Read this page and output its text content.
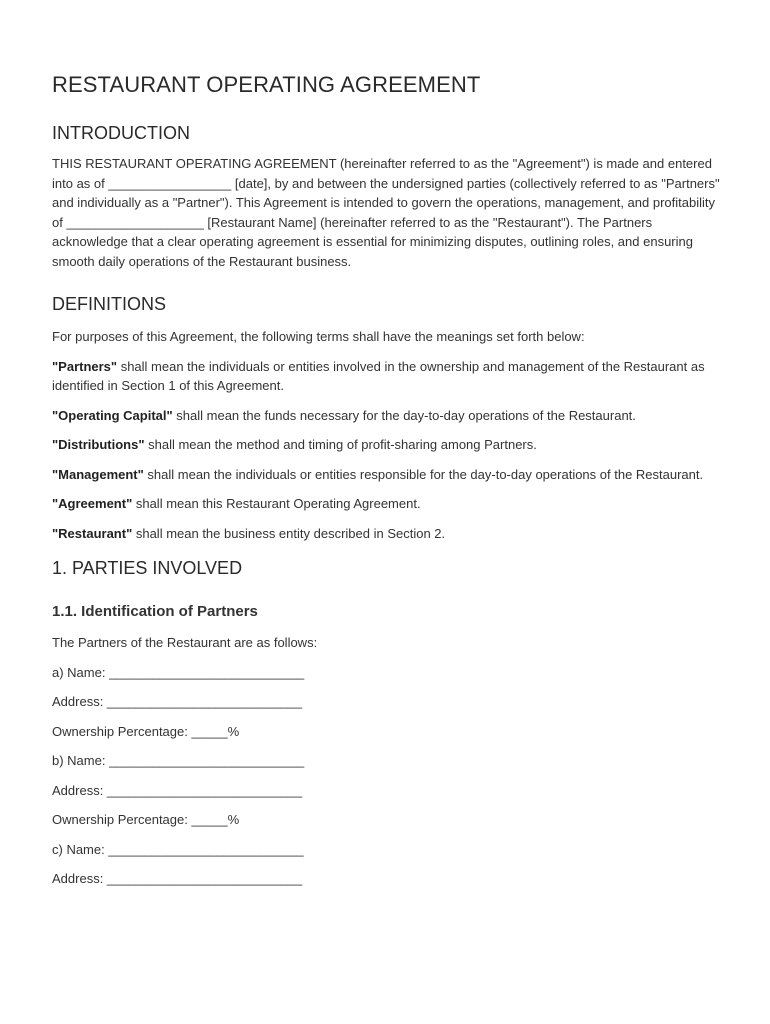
RESTAURANT OPERATING AGREEMENT
INTRODUCTION

THIS RESTAURANT OPERATING AGREEMENT (hereinafter referred to as the "Agreement") is made and entered into as of _________________ [date], by and between the undersigned parties (collectively referred to as "Partners" and individually as a "Partner"). This Agreement is intended to govern the operations, management, and profitability of ___________________ [Restaurant Name] (hereinafter referred to as the "Restaurant"). The Partners acknowledge that a clear operating agreement is essential for minimizing disputes, outlining roles, and ensuring smooth daily operations of the Restaurant business.

DEFINITIONS

For purposes of this Agreement, the following terms shall have the meanings set forth below:

"Partners" shall mean the individuals or entities involved in the ownership and management of the Restaurant as identified in Section 1 of this Agreement.

"Operating Capital" shall mean the funds necessary for the day-to-day operations of the Restaurant.

"Distributions" shall mean the method and timing of profit-sharing among Partners.

"Management" shall mean the individuals or entities responsible for the day-to-day operations of the Restaurant.

"Agreement" shall mean this Restaurant Operating Agreement.

"Restaurant" shall mean the business entity described in Section 2.

1. PARTIES INVOLVED
1.1. Identification of Partners

The Partners of the Restaurant are as follows:

a) Name: ___________________________

Address: ___________________________

Ownership Percentage: _____%

b) Name: ___________________________

Address: ___________________________

Ownership Percentage: _____%

c) Name: ___________________________

Address: ___________________________
